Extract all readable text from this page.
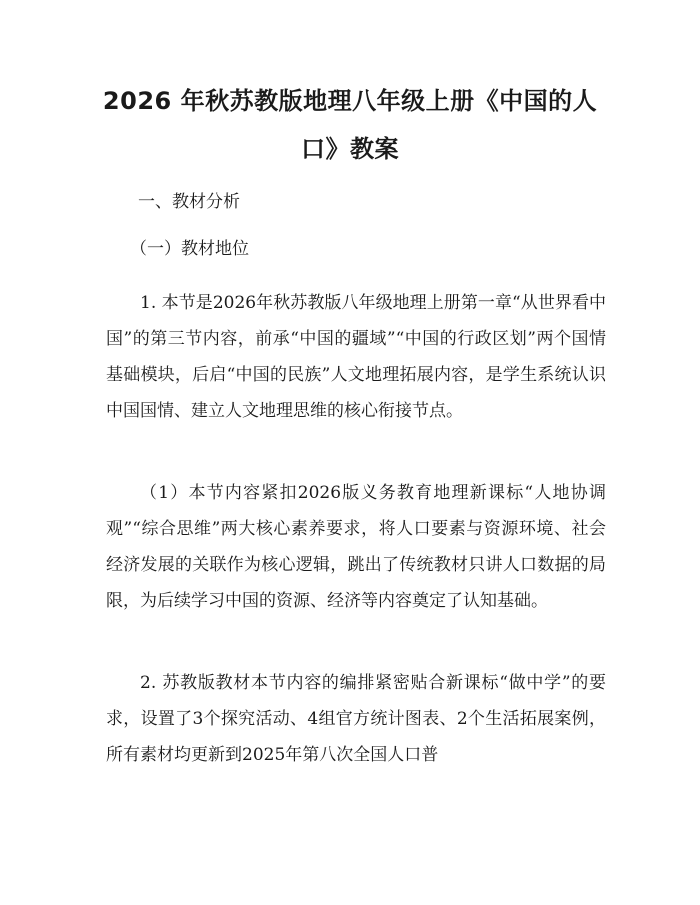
2026 年秋苏教版地理八年级上册《中国的人
口》教案
一、教材分析
（一）教材地位
1. 本节是2026年秋苏教版八年级地理上册第一章“从世界看中国”的第三节内容，前承“中国的疆域”“中国的行政区划”两个国情基础模块，后启“中国的民族”人文地理拓展内容，是学生系统认识中国国情、建立人文地理思维的核心衔接节点。
（1）本节内容紧扣2026版义务教育地理新课标“人地协调观”“综合思维”两大核心素养要求，将人口要素与资源环境、社会经济发展的关联作为核心逻辑，跳出了传统教材只讲人口数据的局限，为后续学习中国的资源、经济等内容奠定了认知基础。
2. 苏教版教材本节内容的编排紧密贴合新课标“做中学”的要求，设置了3个探究活动、4组官方统计图表、2个生活拓展案例，所有素材均更新到2025年第八次全国人口普
